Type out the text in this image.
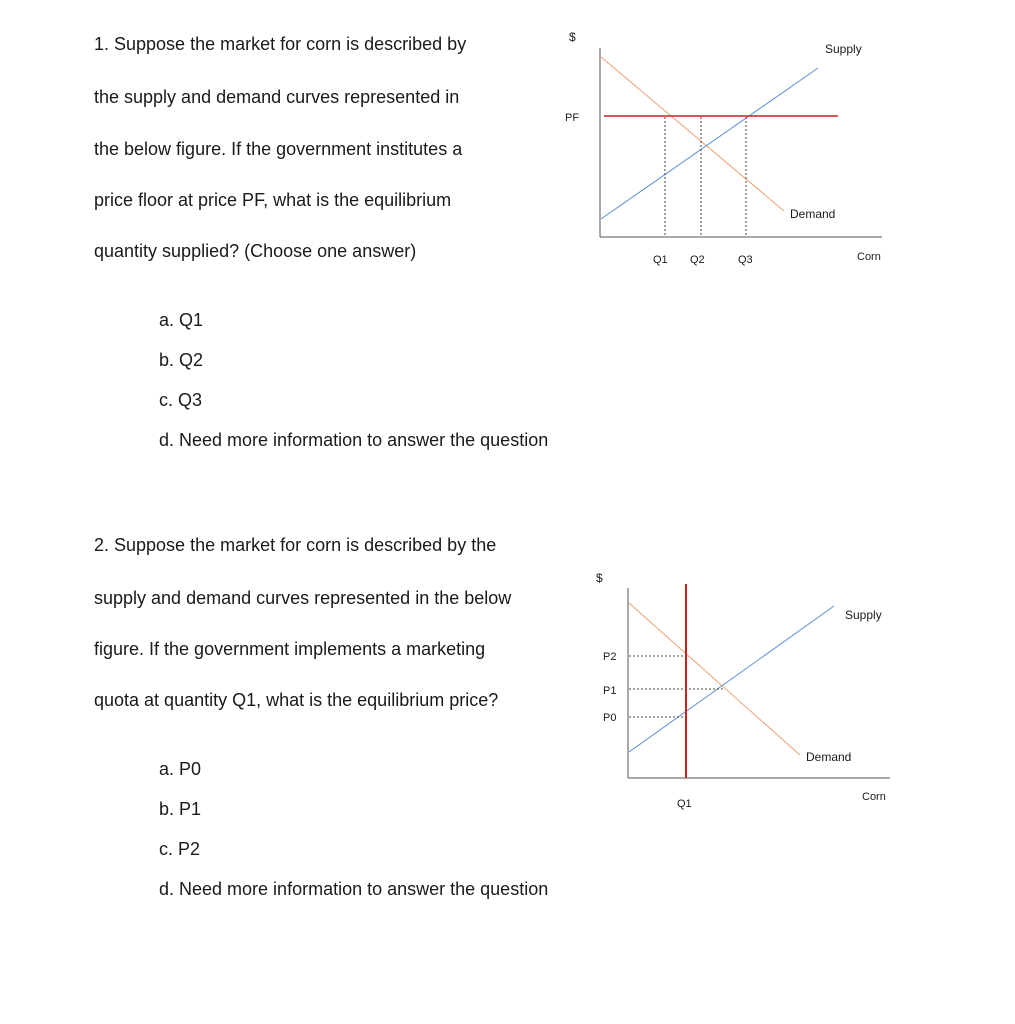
1. Suppose the market for corn is described by
the supply and demand curves represented in
the below figure. If the government institutes a
price floor at price PF, what is the equilibrium
quantity supplied? (Choose one answer)
a. Q1
b. Q2
c. Q3
d. Need more information to answer the question
$
PF
Supply
Demand
Q1 Q2	Q3	Corn
2. Suppose the market for corn is described by the
supply and demand curves represented in the below
figure. If the government implements a marketing
quota at quantity Q1, what is the equilibrium price?
a. P0
b. P1
c. P2
d. Need more information to answer the question
$
P2
P1
P0
Supply
Demand
Q1
Corn
